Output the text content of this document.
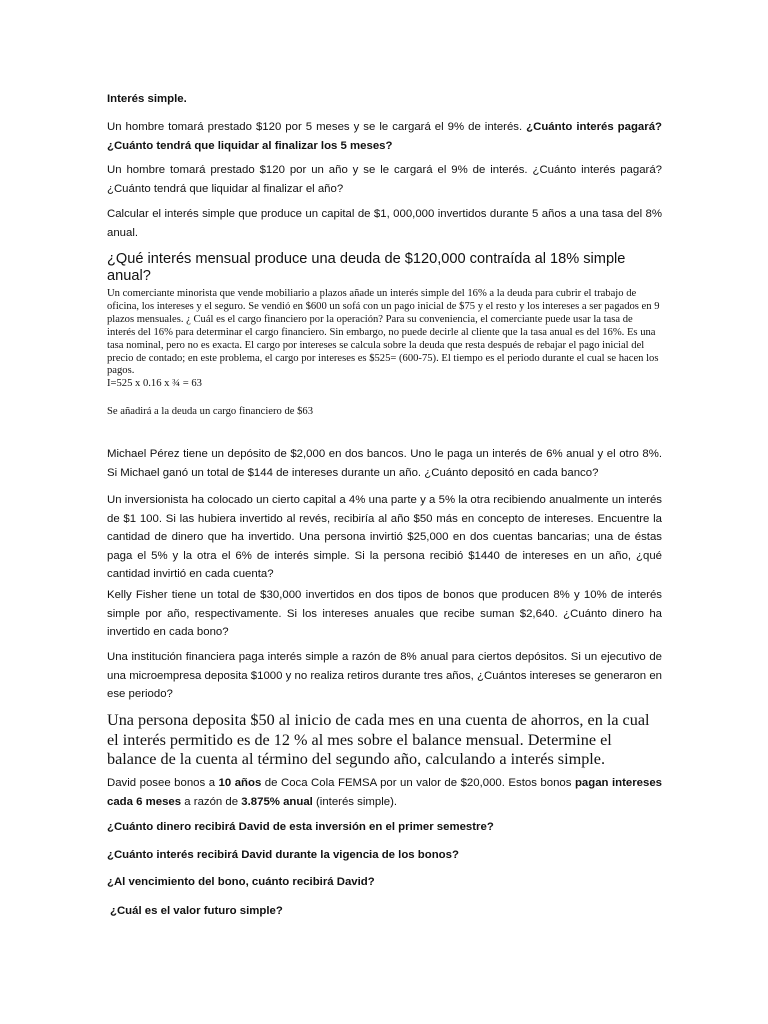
Interés simple.
Un hombre tomará prestado $120 por 5 meses y se le cargará el 9% de interés. ¿Cuánto interés pagará? ¿Cuánto tendrá que liquidar al finalizar los 5 meses?
Un hombre tomará prestado $120 por un año y se le cargará el 9% de interés. ¿Cuánto interés pagará? ¿Cuánto tendrá que liquidar al finalizar el año?
Calcular el interés simple que produce un capital de $1, 000,000 invertidos durante 5 años a una tasa del 8% anual.
¿Qué interés mensual produce una deuda de $120,000 contraída al 18% simple anual?
Un comerciante minorista que vende mobiliario a plazos añade un interés simple del 16% a la deuda para cubrir el trabajo de oficina, los intereses y el seguro. Se vendió en $600 un sofá con un pago inicial de $75 y el resto y los intereses a ser pagados en 9 plazos mensuales. ¿ Cuál es el cargo financiero por la operación? Para su conveniencia, el comerciante puede usar la tasa de interés del 16% para determinar el cargo financiero. Sin embargo, no puede decirle al cliente que la tasa anual es del 16%. Es una tasa nominal, pero no es exacta. El cargo por intereses se calcula sobre la deuda que resta después de rebajar el pago inicial del precio de contado; en este problema, el cargo por intereses es $525= (600-75). El tiempo es el periodo durante el cual se hacen los pagos.
I=525 x 0.16 x ¾ = 63
Se añadirá a la deuda un cargo financiero de $63
Michael Pérez tiene un depósito de $2,000 en dos bancos. Uno le paga un interés de 6% anual y el otro 8%. Si Michael ganó un total de $144 de intereses durante un año. ¿Cuánto depositó en cada banco?
Un inversionista ha colocado un cierto capital a 4% una parte y a 5% la otra recibiendo anualmente un interés de $1 100. Si las hubiera invertido al revés, recibiría al año $50 más en concepto de intereses. Encuentre la cantidad de dinero que ha invertido. Una persona invirtió $25,000 en dos cuentas bancarias; una de éstas paga el 5% y la otra el 6% de interés simple. Si la persona recibió $1440 de intereses en un año, ¿qué cantidad invirtió en cada cuenta?
Kelly Fisher tiene un total de $30,000 invertidos en dos tipos de bonos que producen 8% y 10% de interés simple por año, respectivamente. Si los intereses anuales que recibe suman $2,640. ¿Cuánto dinero ha invertido en cada bono?
Una institución financiera paga interés simple a razón de 8% anual para ciertos depósitos. Si un ejecutivo de una microempresa deposita $1000 y no realiza retiros durante tres años, ¿Cuántos intereses se generaron en ese periodo?
Una persona deposita $50 al inicio de cada mes en una cuenta de ahorros, en la cual el interés permitido es de 12 % al mes sobre el balance mensual. Determine el balance de la cuenta al término del segundo año, calculando a interés simple.
David posee bonos a 10 años de Coca Cola FEMSA por un valor de $20,000. Estos bonos pagan intereses cada 6 meses a razón de 3.875% anual (interés simple).
¿Cuánto dinero recibirá David de esta inversión en el primer semestre?
¿Cuánto interés recibirá David durante la vigencia de los bonos?
¿Al vencimiento del bono, cuánto recibirá David?
¿Cuál es el valor futuro simple?
